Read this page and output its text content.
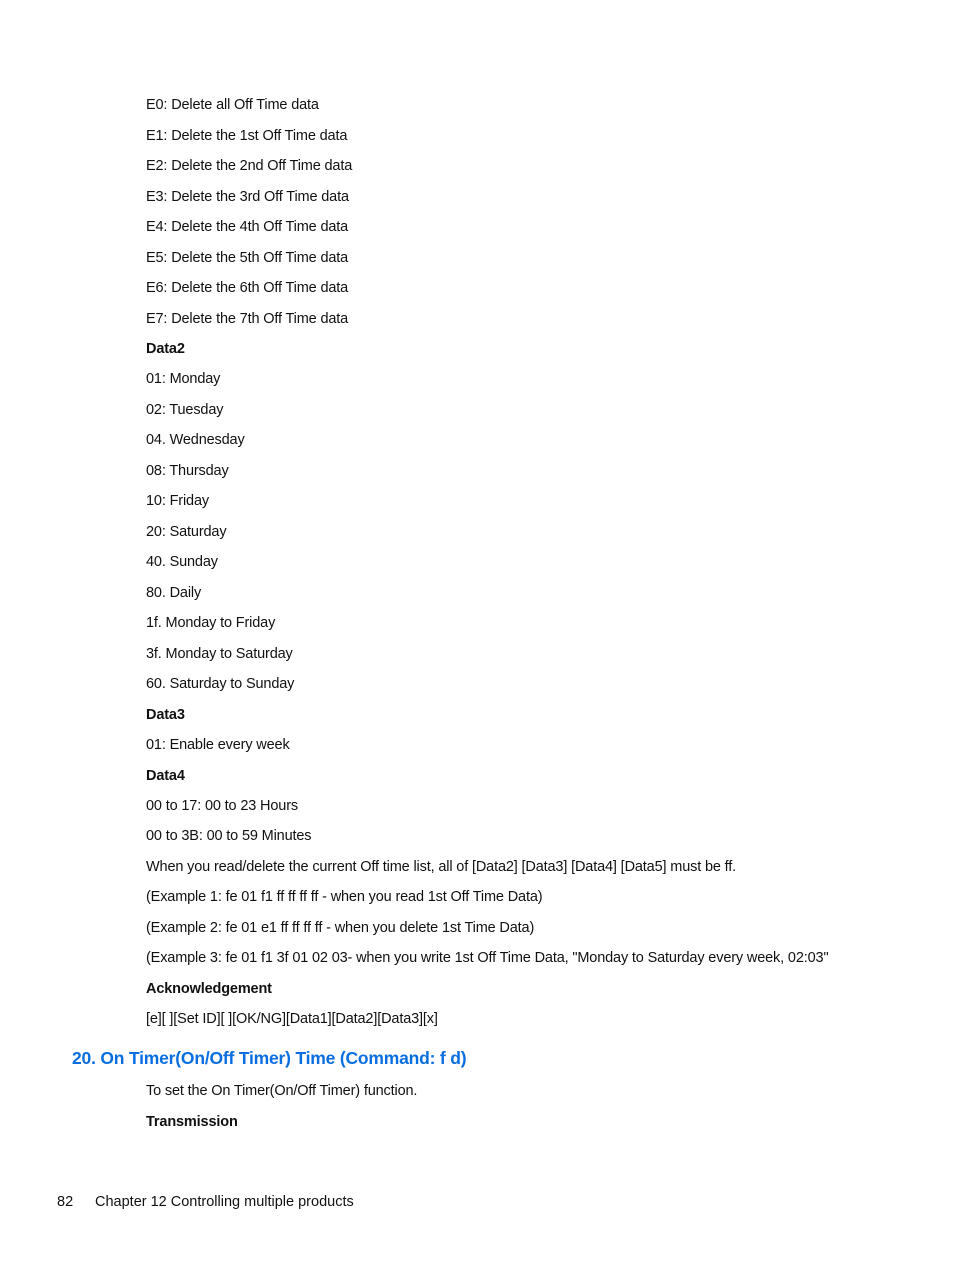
E0: Delete all Off Time data
E1: Delete the 1st Off Time data
E2: Delete the 2nd Off Time data
E3: Delete the 3rd Off Time data
E4: Delete the 4th Off Time data
E5: Delete the 5th Off Time data
E6: Delete the 6th Off Time data
E7: Delete the 7th Off Time data
Data2
01: Monday
02: Tuesday
04. Wednesday
08: Thursday
10: Friday
20: Saturday
40. Sunday
80. Daily
1f. Monday to Friday
3f. Monday to Saturday
60. Saturday to Sunday
Data3
01: Enable every week
Data4
00 to 17: 00 to 23 Hours
00 to 3B: 00 to 59 Minutes
When you read/delete the current Off time list, all of [Data2] [Data3] [Data4] [Data5] must be ff.
(Example 1: fe 01 f1 ff ff ff ff - when you read 1st Off Time Data)
(Example 2: fe 01 e1 ff ff ff ff - when you delete 1st Time Data)
(Example 3: fe 01 f1 3f 01 02 03- when you write 1st Off Time Data, "Monday to Saturday every week, 02:03"
Acknowledgement
[e][ ][Set ID][ ][OK/NG][Data1][Data2][Data3][x]
20. On Timer(On/Off Timer) Time (Command: f d)
To set the On Timer(On/Off Timer) function.
Transmission
82 Chapter 12 Controlling multiple products
